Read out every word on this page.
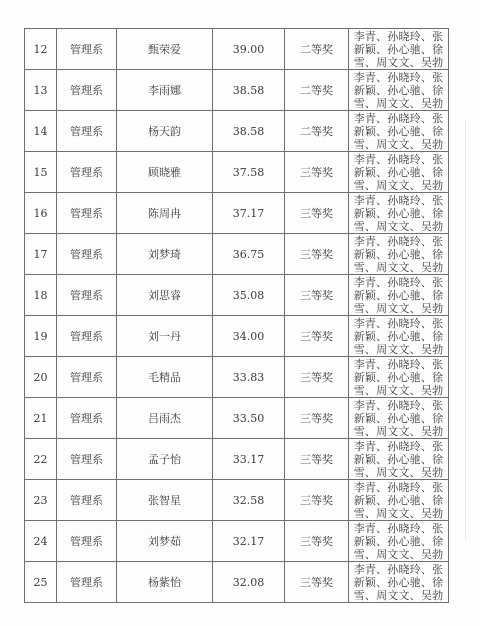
12	管理系	甄荣爱	39.00	二等奖	李青、孙晓玲、张新颖、孙心驰、徐雪、周文文、吴勃
13	管理系	李雨娜	38.58	二等奖	李青、孙晓玲、张新颖、孙心驰、徐雪、周文文、吴勃
14	管理系	杨天韵	38.58	二等奖	李青、孙晓玲、张新颖、孙心驰、徐雪、周文文、吴勃
15	管理系	顾晓雅	37.58	三等奖	李青、孙晓玲、张新颖、孙心驰、徐雪、周文文、吴勃
16	管理系	陈周冉	37.17	三等奖	李青、孙晓玲、张新颖、孙心驰、徐雪、周文文、吴勃
17	管理系	刘梦琦	36.75	三等奖	李青、孙晓玲、张新颖、孙心驰、徐雪、周文文、吴勃
18	管理系	刘思睿	35.08	三等奖	李青、孙晓玲、张新颖、孙心驰、徐雪、周文文、吴勃
19	管理系	刘一丹	34.00	三等奖	李青、孙晓玲、张新颖、孙心驰、徐雪、周文文、吴勃
20	管理系	毛精品	33.83	三等奖	李青、孙晓玲、张新颖、孙心驰、徐雪、周文文、吴勃
21	管理系	吕雨杰	33.50	三等奖	李青、孙晓玲、张新颖、孙心驰、徐雪、周文文、吴勃
22	管理系	孟子怡	33.17	三等奖	李青、孙晓玲、张新颖、孙心驰、徐雪、周文文、吴勃
23	管理系	张智星	32.58	三等奖	李青、孙晓玲、张新颖、孙心驰、徐雪、周文文、吴勃
24	管理系	刘梦茹	32.17	三等奖	李青、孙晓玲、张新颖、孙心驰、徐雪、周文文、吴勃
25	管理系	杨紫怡	32.08	三等奖	李青、孙晓玲、张新颖、孙心驰、徐雪、周文文、吴勃
